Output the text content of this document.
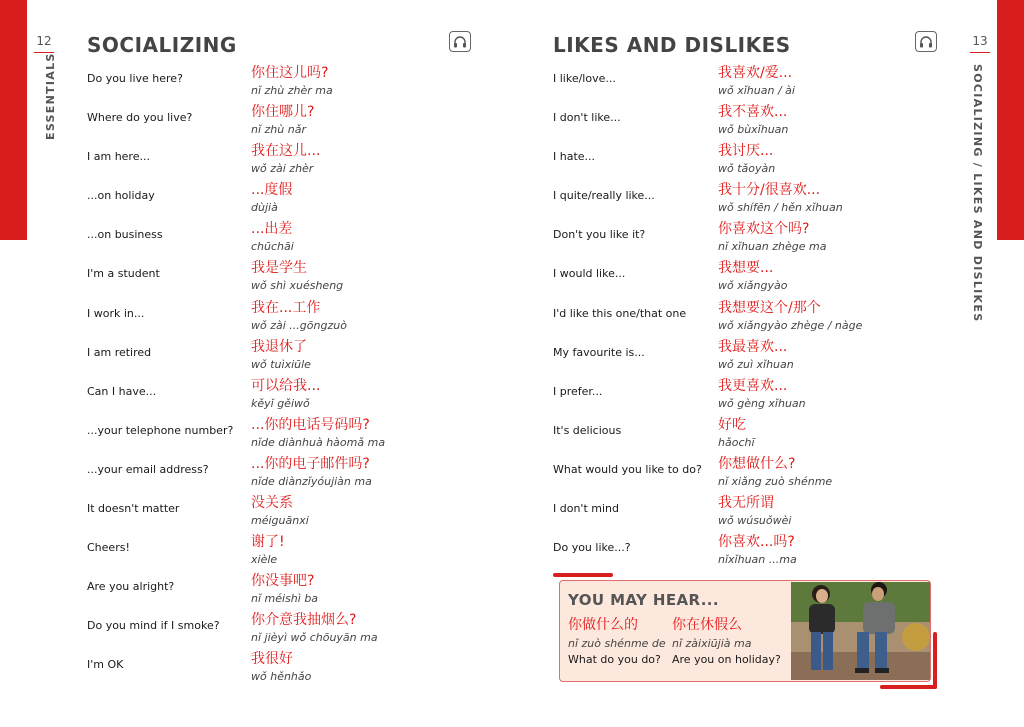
12
ESSENTIALS
SOCIALIZING
Do you live here?	你住这儿吗?
nǐ zhù zhèr ma
Where do you live?	你住哪儿?
nǐ zhù nǎr
I am here...	我在这儿...
wǒ zài zhèr
...on holiday	...度假
dùjià
...on business	...出差
chūchāi
I'm a student	我是学生
wǒ shì xuésheng
I work in...	我在...工作
wǒ zài ...gōngzuò
I am retired	我退休了
wǒ tuìxiūle
Can I have...	可以给我...
kěyǐ gěiwǒ
...your telephone number?	...你的电话号码吗?
nǐde diànhuà hàomǎ ma
...your email address?	...你的电子邮件吗?
nǐde diànzǐyóujiàn ma
It doesn't matter	没关系
méiguānxi
Cheers!	谢了!
xièle
Are you alright?	你没事吧?
nǐ méishì ba
Do you mind if I smoke?	你介意我抽烟么?
nǐ jièyì wǒ chōuyān ma
I'm OK	我很好
wǒ hěnhǎo
13
SOCIALIZING / LIKES AND DISLIKES
LIKES AND DISLIKES
I like/love...	我喜欢/爱...
wǒ xǐhuan / ài
I don't like...	我不喜欢...
wǒ bùxǐhuan
I hate...	我讨厌...
wǒ tǎoyàn
I quite/really like...	我十分/很喜欢...
wǒ shífēn / hěn xǐhuan
Don't you like it?	你喜欢这个吗?
nǐ xǐhuan zhège ma
I would like...	我想要...
wǒ xiǎngyào
I'd like this one/that one	我想要这个/那个
wǒ xiǎngyào zhège / nàge
My favourite is...	我最喜欢...
wǒ zuì xǐhuan
I prefer...	我更喜欢...
wǒ gèng xǐhuan
It's delicious	好吃
hǎochī
What would you like to do?	你想做什么?
nǐ xiǎng zuò shénme
I don't mind	我无所谓
wǒ wúsuǒwèi
Do you like...?	你喜欢...吗?
nǐxǐhuan ...ma
YOU MAY HEAR...
你做什么的
nǐ zuò shénme de
What do you do?
你在休假么
nǐ zàixiūjià ma
Are you on holiday?
